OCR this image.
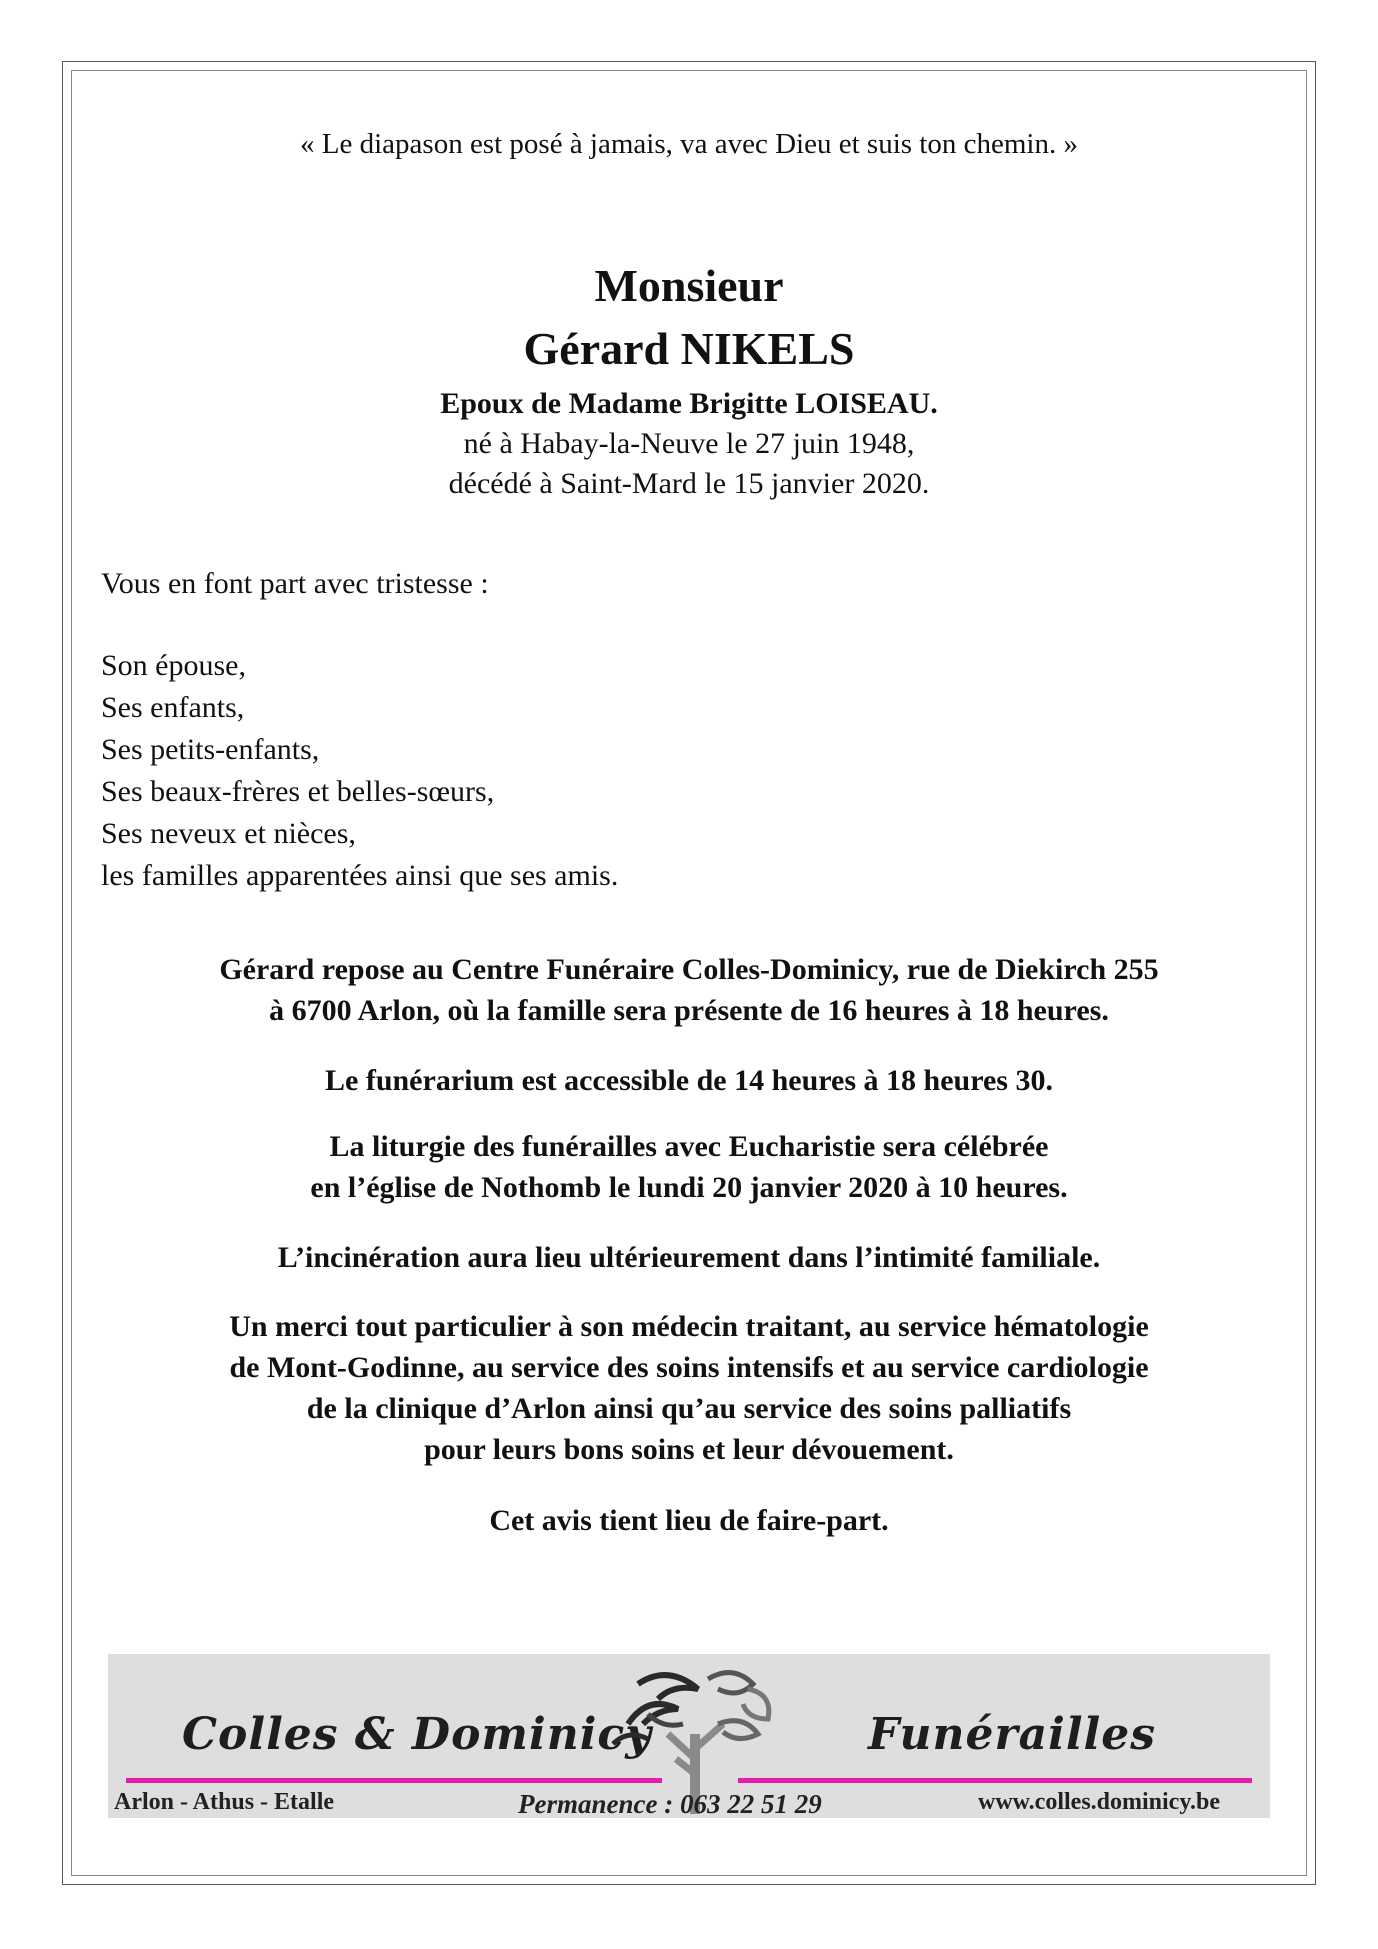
« Le diapason est posé à jamais, va avec Dieu et suis ton chemin. »
Monsieur
Gérard NIKELS
Epoux de Madame Brigitte LOISEAU.
né à Habay-la-Neuve le 27 juin 1948,
décédé à Saint-Mard le 15 janvier 2020.
Vous en font part avec tristesse :
Son épouse,
Ses enfants,
Ses petits-enfants,
Ses beaux-frères et belles-sœurs,
Ses neveux et nièces,
les familles apparentées ainsi que ses amis.
Gérard repose au Centre Funéraire Colles-Dominicy, rue de Diekirch 255
à 6700 Arlon, où la famille sera présente de 16 heures à 18 heures.
Le funérarium est accessible de 14 heures à 18 heures 30.
La liturgie des funérailles avec Eucharistie sera célébrée
en l’église de Nothomb le lundi 20 janvier 2020 à 10 heures.
L’incinération aura lieu ultérieurement dans l’intimité familiale.
Un merci tout particulier à son médecin traitant, au service hématologie
de Mont-Godinne, au service des soins intensifs et au service cardiologie
de la clinique d’Arlon ainsi qu’au service des soins palliatifs
pour leurs bons soins et leur dévouement.
Cet avis tient lieu de faire-part.
Colles & Dominicy	Funérailles
Arlon - Athus - Etalle	Permanence : 063 22 51 29	www.colles.dominicy.be
